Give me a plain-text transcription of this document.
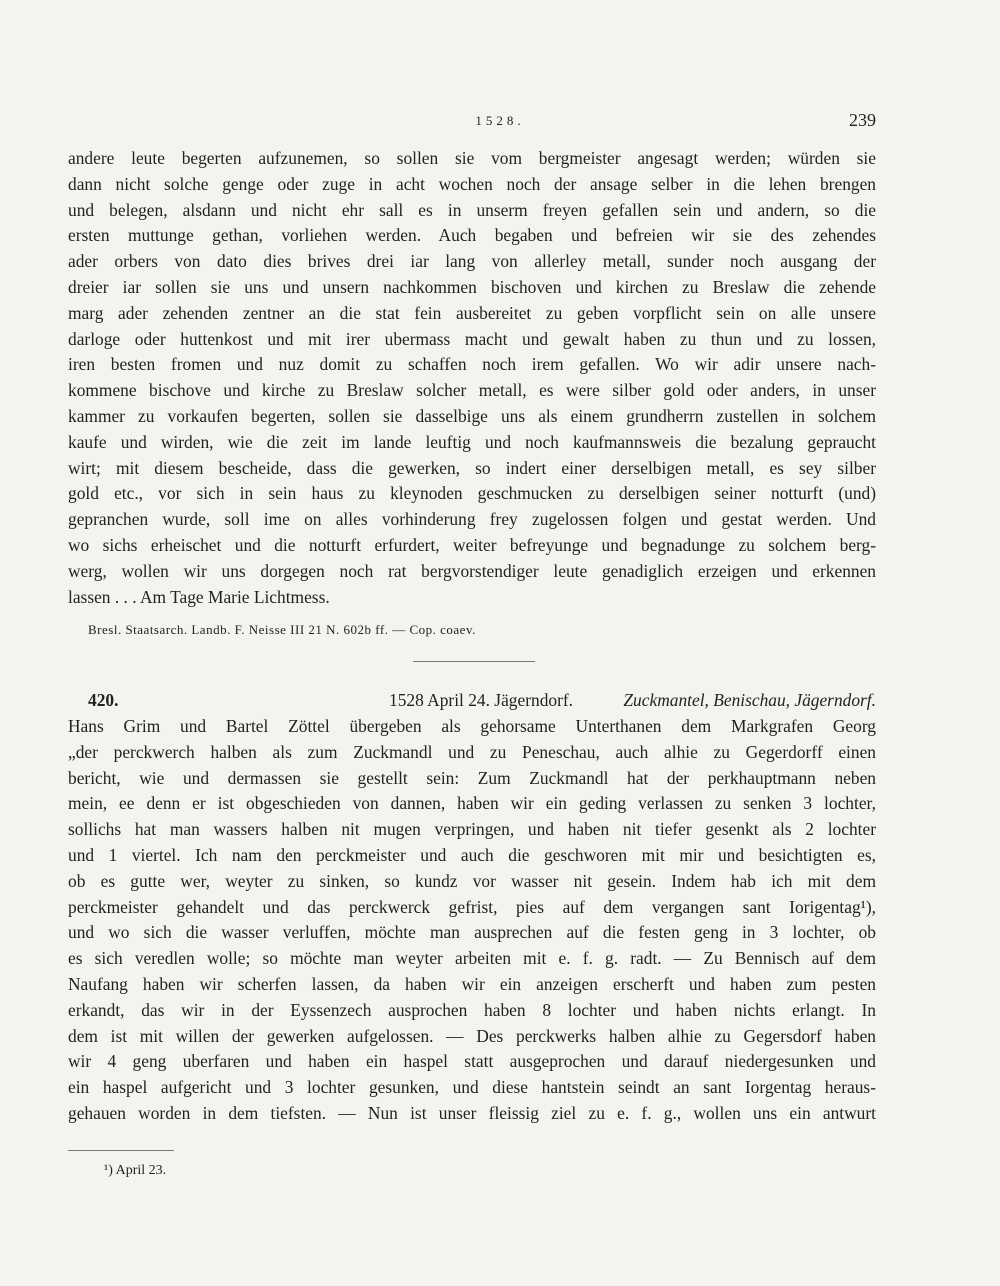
1528.	239
andere leute begerten aufzunemen, so sollen sie vom bergmeister angesagt werden; würden sie
dann nicht solche genge oder zuge in acht wochen noch der ansage selber in die lehen brengen
und belegen, alsdann und nicht ehr sall es in unserm freyen gefallen sein und andern, so die
ersten muttunge gethan, vorliehen werden. Auch begaben und befreien wir sie des zehendes
ader orbers von dato dies brives drei iar lang von allerley metall, sunder noch ausgang der
dreier iar sollen sie uns und unsern nachkommen bischoven und kirchen zu Breslaw die zehende
marg ader zehenden zentner an die stat fein ausbereitet zu geben vorpflicht sein on alle unsere
darloge oder huttenkost und mit irer ubermass macht und gewalt haben zu thun und zu lossen,
iren besten fromen und nuz domit zu schaffen noch irem gefallen. Wo wir adir unsere nach-
kommene bischove und kirche zu Breslaw solcher metall, es were silber gold oder anders, in unser
kammer zu vorkaufen begerten, sollen sie dasselbige uns als einem grundherrn zustellen in solchem
kaufe und wirden, wie die zeit im lande leuftig und noch kaufmannsweis die bezalung gepraucht
wirt; mit diesem bescheide, dass die gewerken, so indert einer derselbigen metall, es sey silber
gold etc., vor sich in sein haus zu kleynoden geschmucken zu derselbigen seiner notturft (und)
gepranchen wurde, soll ime on alles vorhinderung frey zugelossen folgen und gestat werden. Und
wo sichs erheischet und die notturft erfurdert, weiter befreyunge und begnadunge zu solchem berg-
werg, wollen wir uns dorgegen noch rat bergvorstendiger leute genadiglich erzeigen und erkennen
lassen . . . Am Tage Marie Lichtmess.
Bresl. Staatsarch. Landb. F. Neisse III 21 N. 602b ff. — Cop. coaev.
420.	1528 April 24. Jägerndorf.	Zuckmantel, Benischau, Jägerndorf.
Hans Grim und Bartel Zöttel übergeben als gehorsame Unterthanen dem Markgrafen Georg
„der perckwerch halben als zum Zuckmandl und zu Peneschau, auch alhie zu Gegerdorff einen
bericht, wie und dermassen sie gestellt sein: Zum Zuckmandl hat der perkhauptmann neben
mein, ee denn er ist obgeschieden von dannen, haben wir ein geding verlassen zu senken 3 lochter,
sollichs hat man wassers halben nit mugen verpringen, und haben nit tiefer gesenkt als 2 lochter
und 1 viertel. Ich nam den perckmeister und auch die geschworen mit mir und besichtigten es,
ob es gutte wer, weyter zu sinken, so kundz vor wasser nit gesein. Indem hab ich mit dem
perckmeister gehandelt und das perckwerck gefrist, pies auf dem vergangen sant Iorigentag¹),
und wo sich die wasser verluffen, möchte man ausprechen auf die festen geng in 3 lochter, ob
es sich veredlen wolle; so möchte man weyter arbeiten mit e. f. g. radt. — Zu Bennisch auf dem
Naufang haben wir scherfen lassen, da haben wir ein anzeigen erscherft und haben zum pesten
erkandt, das wir in der Eyssenzech ausprochen haben 8 lochter und haben nichts erlangt. In
dem ist mit willen der gewerken aufgelossen. — Des perckwerks halben alhie zu Gegersdorf haben
wir 4 geng uberfaren und haben ein haspel statt ausgeprochen und darauf niedergesunken und
ein haspel aufgericht und 3 lochter gesunken, und diese hantstein seindt an sant Iorgentag heraus-
gehauen worden in dem tiefsten. — Nun ist unser fleissig ziel zu e. f. g., wollen uns ein antwurt
¹) April 23.
